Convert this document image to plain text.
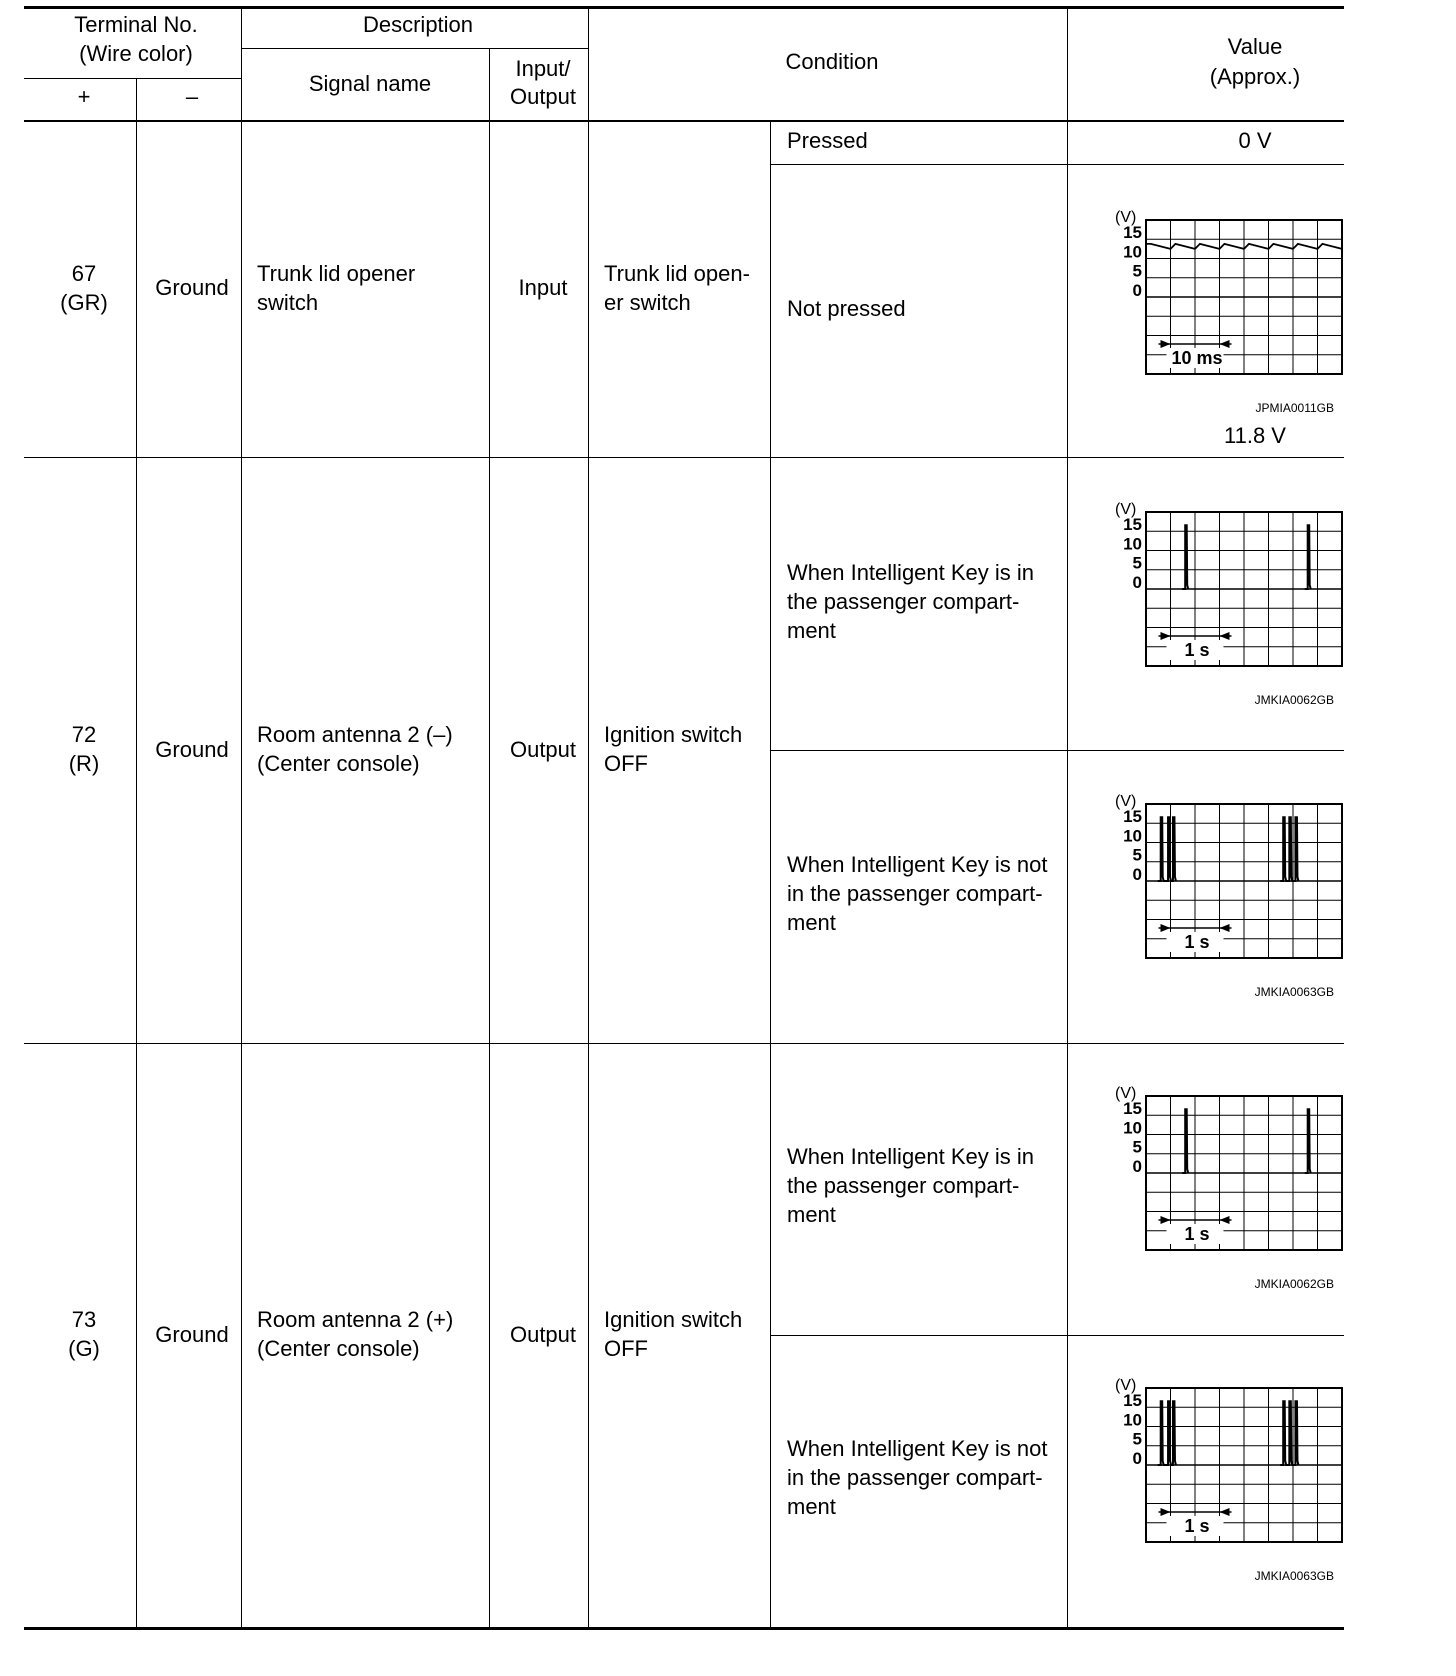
Terminal No.
(Wire color)
+	–
Description
Signal name
Input/
Output
Condition
Value
(Approx.)
67
(GR)
Ground
Trunk lid opener
switch
Input
Trunk lid open-
er switch
Pressed	0 V
Not pressed
11.8 V
(V)
15
10
5
0
10 ms
JPMIA0011GB
72
(R)
Ground
Room antenna 2 (–)
(Center console)
Output
Ignition switch
OFF
When Intelligent Key is in
the passenger compart-
ment
(V)
15
10
5
0
1 s
JMKIA0062GB
When Intelligent Key is not
in the passenger compart-
ment
(V)
15
10
5
0
1 s
JMKIA0063GB
73
(G)
Ground
Room antenna 2 (+)
(Center console)
Output
Ignition switch
OFF
When Intelligent Key is in
the passenger compart-
ment
(V)
15
10
5
0
1 s
JMKIA0062GB
When Intelligent Key is not
in the passenger compart-
ment
(V)
15
10
5
0
1 s
JMKIA0063GB
